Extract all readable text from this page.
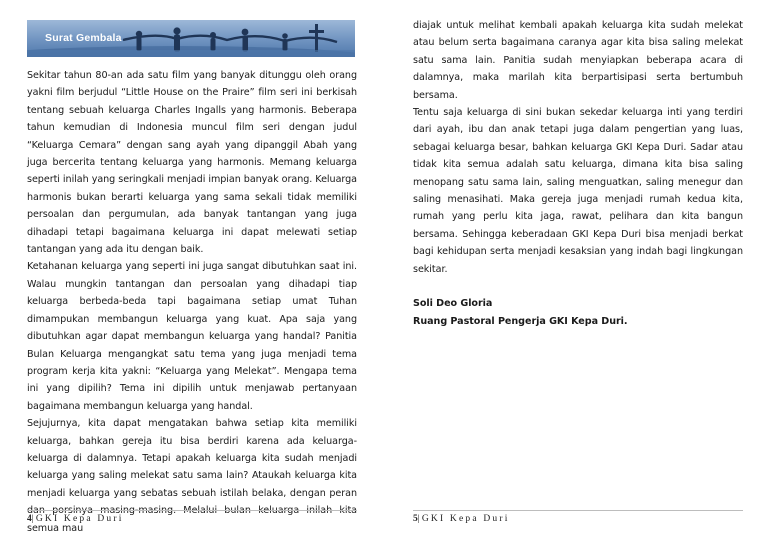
Surat Gembala

Sekitar tahun 80-an ada satu film yang banyak ditunggu oleh orang yakni film berjudul “Little House on the Praire” film seri ini berkisah tentang sebuah keluarga Charles Ingalls yang harmonis. Beberapa tahun kemudian di Indonesia muncul film seri dengan judul “Keluarga Cemara” dengan sang ayah yang dipanggil Abah yang juga bercerita tentang keluarga yang harmonis. Memang keluarga seperti inilah yang seringkali menjadi impian banyak orang. Keluarga harmonis bukan berarti keluarga yang sama sekali tidak memiliki persoalan dan pergumulan, ada banyak tantangan yang juga dihadapi tetapi bagaimana keluarga ini dapat melewati setiap tantangan yang ada itu dengan baik.

Ketahanan keluarga yang seperti ini juga sangat dibutuhkan saat ini. Walau mungkin tantangan dan persoalan yang dihadapi tiap keluarga berbeda-beda tapi bagaimana setiap umat Tuhan dimampukan membangun keluarga yang kuat. Apa saja yang dibutuhkan agar dapat membangun keluarga yang handal? Panitia Bulan Keluarga mengangkat satu tema yang juga menjadi tema program kerja kita yakni: “Keluarga yang Melekat”. Mengapa tema ini yang dipilih? Tema ini dipilih untuk menjawab pertanyaan bagaimana membangun keluarga yang handal.

Sejujurnya, kita dapat mengatakan bahwa setiap kita memiliki keluarga, bahkan gereja itu bisa berdiri karena ada keluarga-keluarga di dalamnya. Tetapi apakah keluarga kita sudah menjadi keluarga yang saling melekat satu sama lain? Ataukah keluarga kita menjadi keluarga yang sebatas sebuah istilah belaka, dengan peran semua mau

4|GKI Kepa Duri

diajak untuk melihat kembali apakah keluarga kita sudah melekat atau belum serta bagaimana caranya agar kita bisa saling melekat satu sama lain. Panitia sudah menyiapkan beberapa acara di dalamnya, maka marilah kita berpartisipasi serta bertumbuh bersama.

Tentu saja keluarga di sini bukan sekedar keluarga inti yang terdiri dari ayah, ibu dan anak tetapi juga dalam pengertian yang luas, sebagai keluarga besar, bahkan keluarga GKI Kepa Duri. Sadar atau tidak kita semua adalah satu keluarga, dimana kita bisa saling menopang satu sama lain, saling menguatkan, saling menegur dan saling menasihati. Maka gereja juga menjadi rumah kedua kita, rumah yang perlu kita jaga, rawat, pelihara dan kita bangun bersama. Sehingga keberadaan GKI Kepa Duri bisa menjadi berkat bagi kehidupan serta menjadi kesaksian yang indah bagi lingkungan sekitar.

Soli Deo Gloria
Ruang Pastoral Pengerja GKI Kepa Duri.
5|GKI Kepa Duri
